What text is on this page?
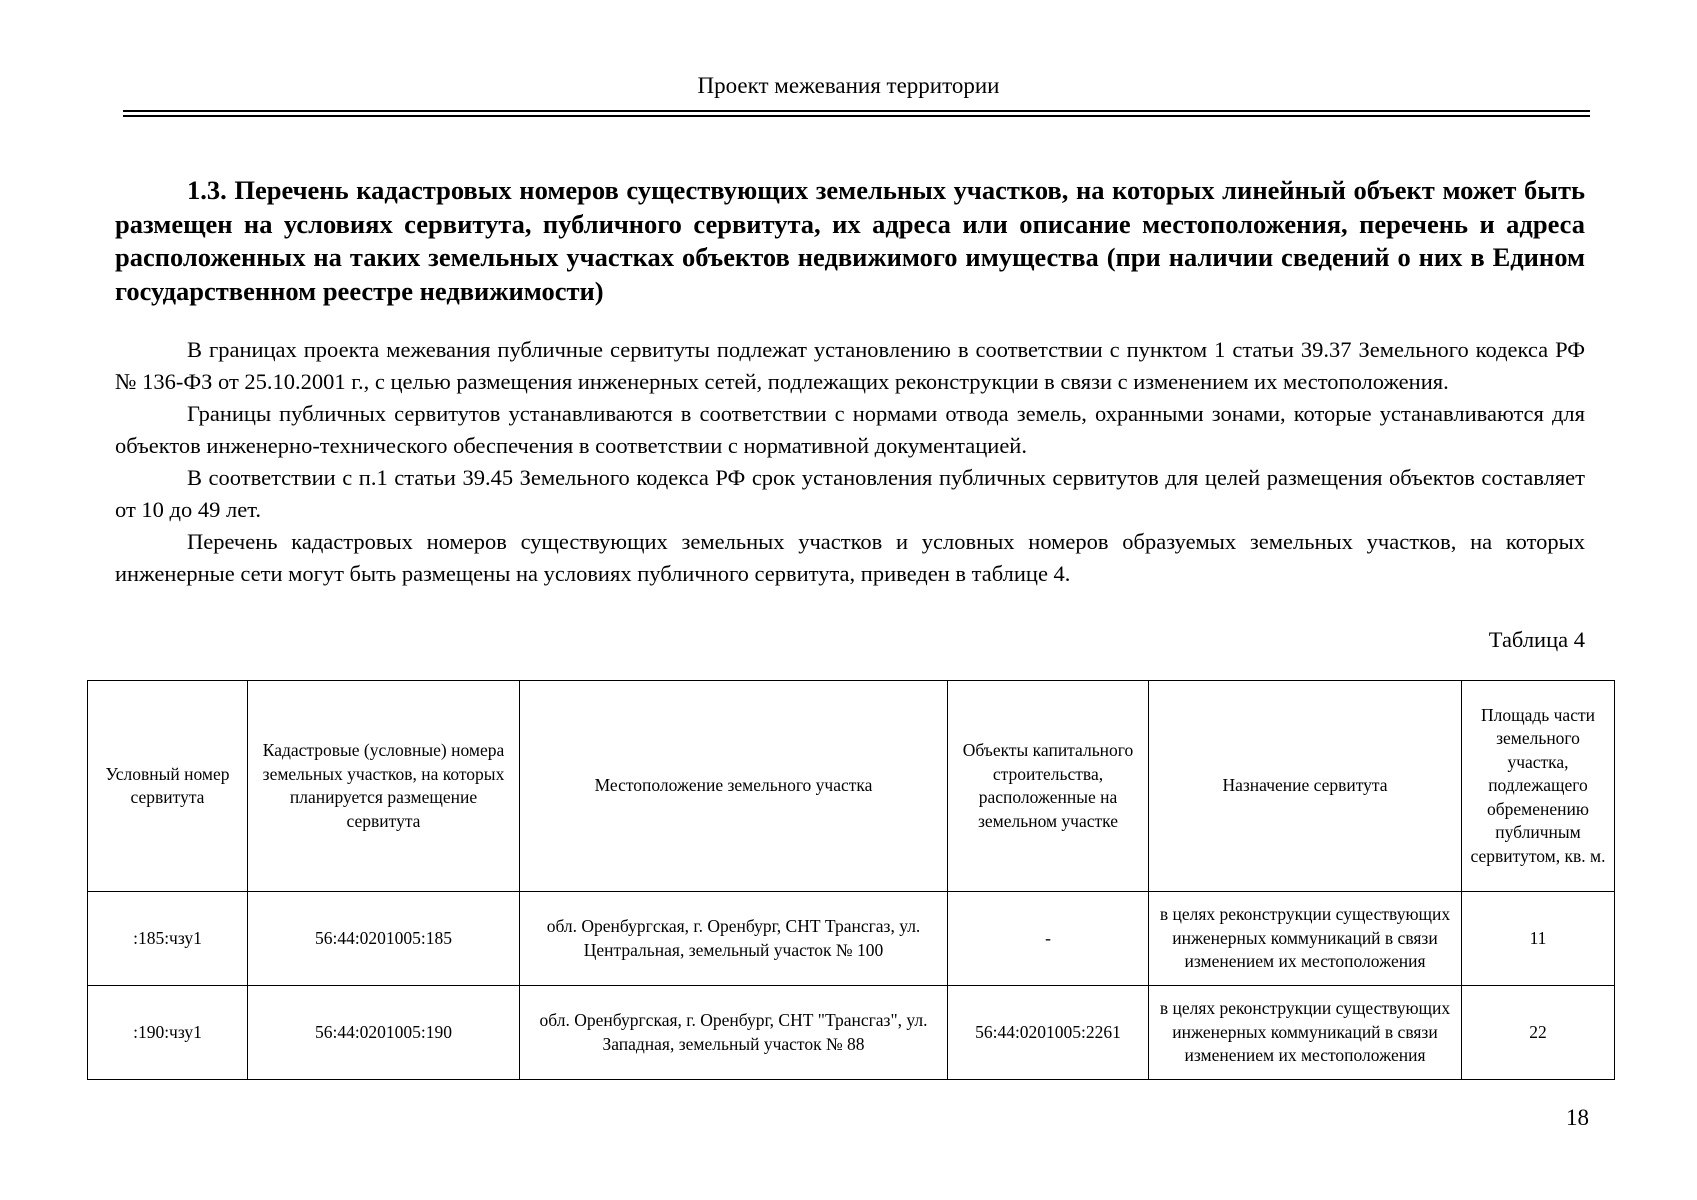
Проект межевания территории
1.3. Перечень кадастровых номеров существующих земельных участков, на которых линейный объект может быть размещен на условиях сервитута, публичного сервитута, их адреса или описание местоположения, перечень и адреса расположенных на таких земельных участках объектов недвижимого имущества (при наличии сведений о них в Едином государственном реестре недвижимости)

В границах проекта межевания публичные сервитуты подлежат установлению в соответствии с пунктом 1 статьи 39.37 Земельного кодекса РФ № 136-ФЗ от 25.10.2001 г., с целью размещения инженерных сетей, подлежащих реконструкции в связи с изменением их местоположения.

Границы публичных сервитутов устанавливаются в соответствии с нормами отвода земель, охранными зонами, которые устанавливаются для объектов инженерно-технического обеспечения в соответствии с нормативной документацией.

В соответствии с п.1 статьи 39.45 Земельного кодекса РФ срок установления публичных сервитутов для целей размещения объектов составляет от 10 до 49 лет.

Перечень кадастровых номеров существующих земельных участков и условных номеров образуемых земельных участков, на которых инженерные сети могут быть размещены на условиях публичного сервитута, приведен в таблице 4.

Таблица 4
Условный номер сервитута	Кадастровые (условные) номера земельных участков, на которых планируется размещение сервитута	Местоположение земельного участка	Объекты капитального строительства, расположенные на земельном участке	Назначение сервитута	Площадь части земельного участка, подлежащего обременению публичным сервитутом, кв. м.
:185:чзу1	56:44:0201005:185	обл. Оренбургская, г. Оренбург, СНТ Трансгаз, ул. Центральная, земельный участок № 100	-	в целях реконструкции существующих инженерных коммуникаций в связи изменением их местоположения	11
:190:чзу1	56:44:0201005:190	обл. Оренбургская, г. Оренбург, СНТ "Трансгаз", ул. Западная, земельный участок № 88	56:44:0201005:2261	в целях реконструкции существующих инженерных коммуникаций в связи изменением их местоположения	22
18
